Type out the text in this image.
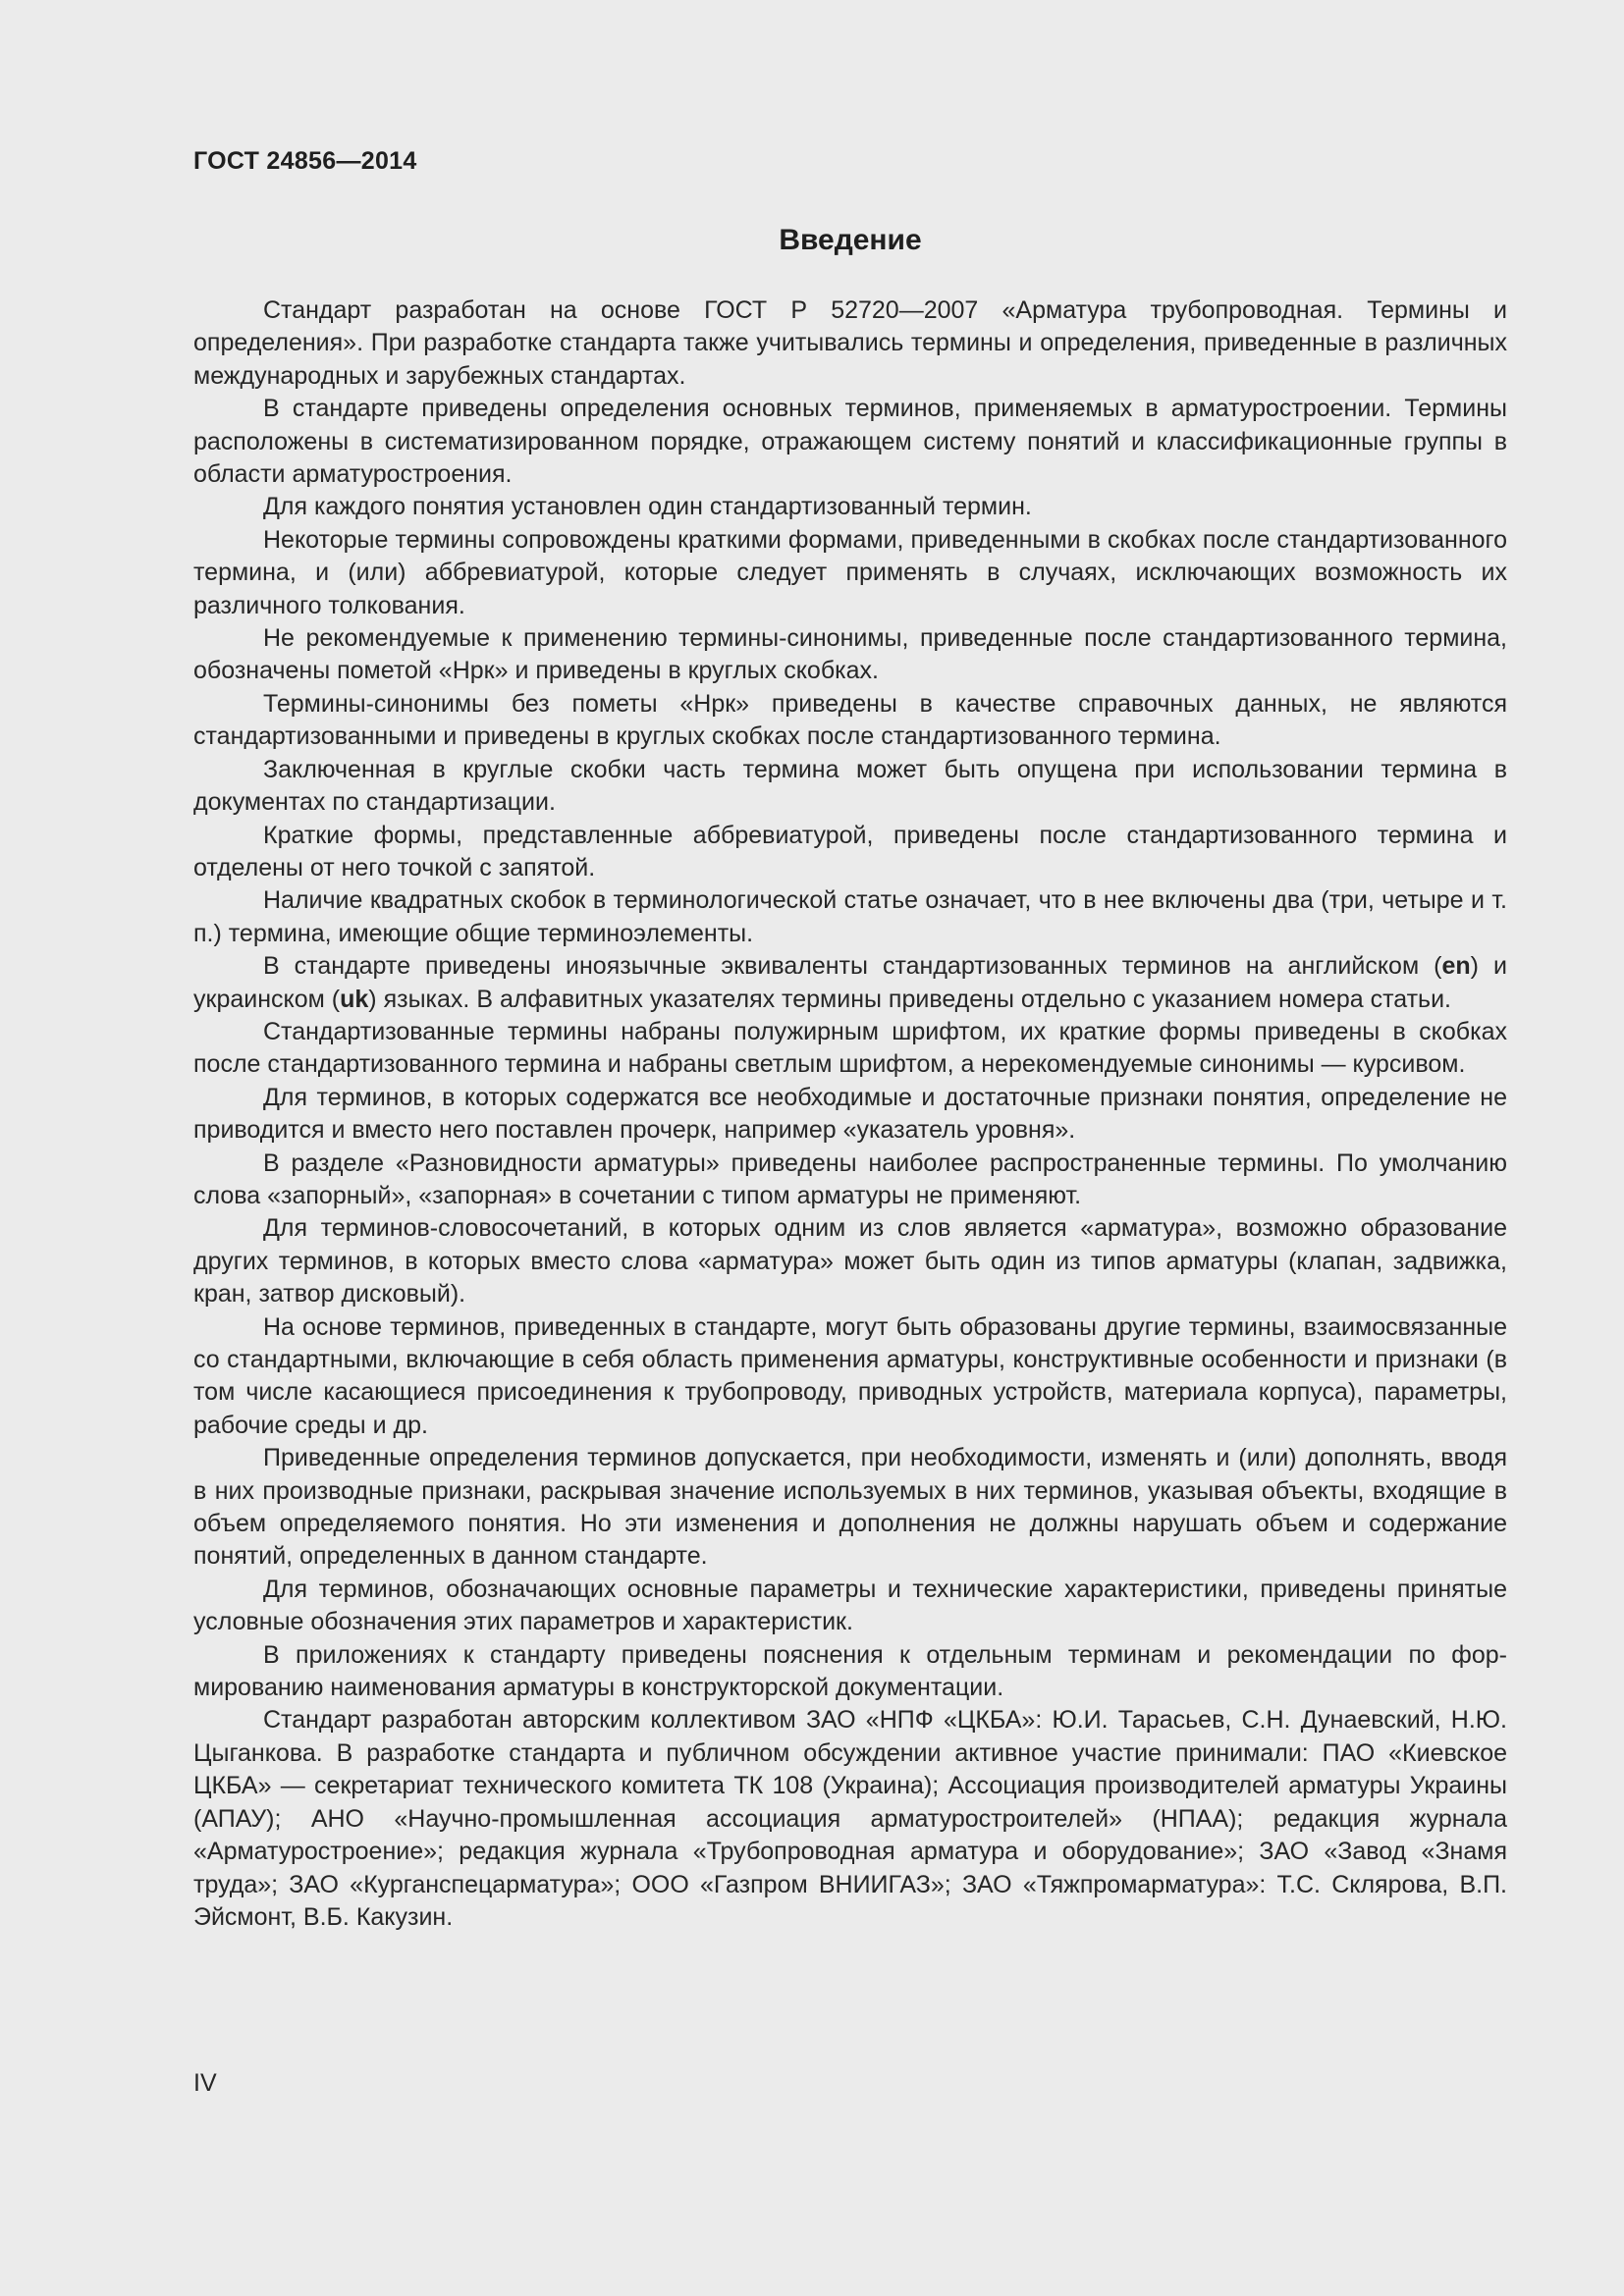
ГОСТ 24856—2014
Введение

Стандарт разработан на основе ГОСТ Р 52720—2007 «Арматура трубопроводная. Термины и определения». При разработке стандарта также учитывались термины и определения, приведенные в различных международных и зарубежных стандартах.

В стандарте приведены определения основных терминов, применяемых в арматуростроении. Термины расположены в систематизированном порядке, отражающем систему понятий и классификационные группы в области арматуростроения.

Для каждого понятия установлен один стандартизованный термин.

Некоторые термины сопровождены краткими формами, приведенными в скобках после стандартизованного термина, и (или) аббревиатурой, которые следует применять в случаях, исключающих возможность их различного толкования.

Не рекомендуемые к применению термины-синонимы, приведенные после стандартизованного термина, обозначены пометой «Нрк» и приведены в круглых скобках.

Термины-синонимы без пометы «Нрк» приведены в качестве справочных данных, не являются стандартизованными и приведены в круглых скобках после стандартизованного термина.

Заключенная в круглые скобки часть термина может быть опущена при использовании термина в документах по стандартизации.

Краткие формы, представленные аббревиатурой, приведены после стандартизованного термина и отделены от него точкой с запятой.

Наличие квадратных скобок в терминологической статье означает, что в нее включены два (три, четыре и т. п.) термина, имеющие общие терминоэлементы.

В стандарте приведены иноязычные эквиваленты стандартизованных терминов на английском (en) и украинском (uk) языках. В алфавитных указателях термины приведены отдельно с указанием номера статьи.

Стандартизованные термины набраны полужирным шрифтом, их краткие формы приведены в скобках после стандартизованного термина и набраны светлым шрифтом, а нерекомендуемые синонимы — курсивом.

Для терминов, в которых содержатся все необходимые и достаточные признаки понятия, определение не приводится и вместо него поставлен прочерк, например «указатель уровня».

В разделе «Разновидности арматуры» приведены наиболее распространенные термины. По умолчанию слова «запорный», «запорная» в сочетании с типом арматуры не применяют.

Для терминов-словосочетаний, в которых одним из слов является «арматура», возможно образование других терминов, в которых вместо слова «арматура» может быть один из типов арматуры (клапан, задвижка, кран, затвор дисковый).

На основе терминов, приведенных в стандарте, могут быть образованы другие термины, взаимосвязанные со стандартными, включающие в себя область применения арматуры, конструктивные особенности и признаки (в том числе касающиеся присоединения к трубопроводу, приводных устройств, материала корпуса), параметры, рабочие среды и др.

Приведенные определения терминов допускается, при необходимости, изменять и (или) дополнять, вводя в них производные признаки, раскрывая значение используемых в них терминов, указывая объекты, входящие в объем определяемого понятия. Но эти изменения и дополнения не должны нарушать объем и содержание понятий, определенных в данном стандарте.

Для терминов, обозначающих основные параметры и технические характеристики, приведены принятые условные обозначения этих параметров и характеристик.

В приложениях к стандарту приведены пояснения к отдельным терминам и рекомендации по формированию наименования арматуры в конструкторской документации.

Стандарт разработан авторским коллективом ЗАО «НПФ «ЦКБА»: Ю.И. Тарасьев, С.Н. Дунаевский, Н.Ю. Цыганкова. В разработке стандарта и публичном обсуждении активное участие принимали: ПАО «Киевское ЦКБА» — секретариат технического комитета ТК 108 (Украина); Ассоциация производителей арматуры Украины (АПАУ); АНО «Научно-промышленная ассоциация арматуростроителей» (НПАА); редакция журнала «Арматуростроение»; редакция журнала «Трубопроводная арматура и оборудование»; ЗАО «Завод «Знамя труда»; ЗАО «Курганспецарматура»; ООО «Газпром ВНИИГАЗ»; ЗАО «Тяжпромарматура»: Т.С. Склярова, В.П. Эйсмонт, В.Б. Какузин.

IV
